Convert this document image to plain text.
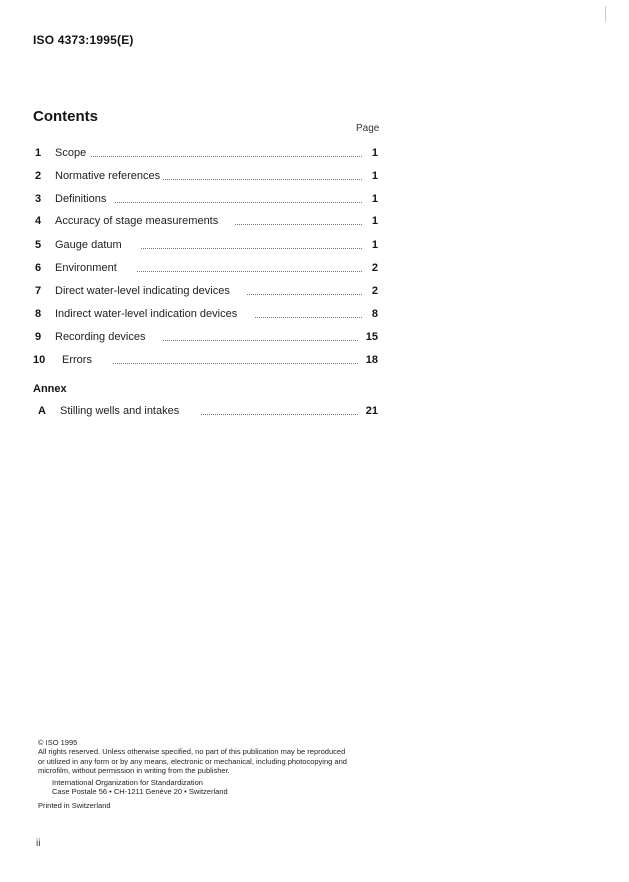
ISO 4373:1995(E)
Contents
Page
1 Scope	1
2 Normative references	1
3 Definitions	1
4 Accuracy of stage measurements	1
5 Gauge datum	1
6 Environment	2
7 Direct water-level indicating devices	2
8 Indirect water-level indication devices	8
9 Recording devices	15
10 Errors	18
Annex
A Stilling wells and intakes	21
© ISO 1995
All rights reserved. Unless otherwise specified, no part of this publication may be reproduced
or utilized in any form or by any means, electronic or mechanical, including photocopying and
microfilm, without permission in writing from the publisher.
International Organization for Standardization
Case Postale 56 • CH-1211 Genève 20 • Switzerland
Printed in Switzerland
ii
